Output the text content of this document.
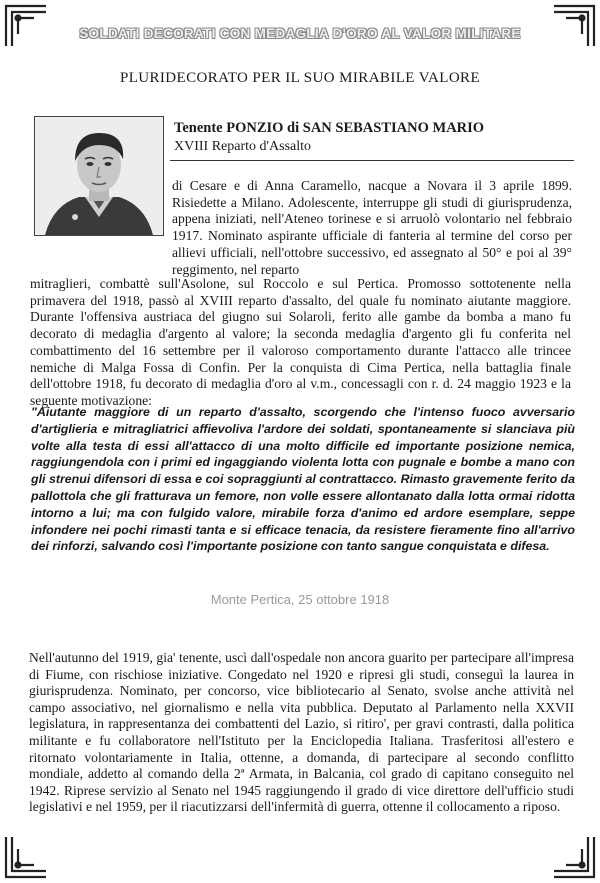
SOLDATI DECORATI CON MEDAGLIA D'ORO AL VALOR MILITARE
PLURIDECORATO PER IL SUO MIRABILE VALORE
Tenente PONZIO di SAN SEBASTIANO MARIO
XVIII Reparto d'Assalto

di Cesare e di Anna Caramello, nacque a Novara il 3 aprile 1899. Risiedette a Milano. Adolescente, interruppe gli studi di giurisprudenza, appena iniziati, nell'Ateneo torinese e si arruolò volontario nel febbraio 1917. Nominato aspirante ufficiale di fanteria al termine del corso per allievi ufficiali, nell'ottobre successivo, ed assegnato al 50° e poi al 39° reggimento, nel reparto

mitraglieri, combattè sull'Asolone, sul Roccolo e sul Pertica. Promosso sottotenente nella primavera del 1918, passò al XVIII reparto d'assalto, del quale fu nominato aiutante maggiore. Durante l'offensiva austriaca del giugno sui Solaroli, ferito alle gambe da bomba a mano fu decorato di medaglia d'argento al valore; la seconda medaglia d'argento gli fu conferita nel combattimento del 16 settembre per il valoroso comportamento durante l'attacco alle trincee nemiche di Malga Fossa di Confin. Per la conquista di Cima Pertica, nella battaglia finale dell'ottobre 1918, fu decorato di medaglia d'oro al v.m., concessagli con r. d. 24 maggio 1923 e la seguente motivazione:

"Aiutante maggiore di un reparto d'assalto, scorgendo che l'intenso fuoco avversario d'artiglieria e mitragliatrici affievoliva l'ardore dei soldati, spontaneamente si slanciava più volte alla testa di essi all'attacco di una molto difficile ed importante posizione nemica, raggiungendola con i primi ed ingaggiando violenta lotta con pugnale e bombe a mano con gli strenui difensori di essa e coi sopraggiunti al contrattacco. Rimasto gravemente ferito da pallottola che gli fratturava un femore, non volle essere allontanato dalla lotta ormai ridotta intorno a lui; ma con fulgido valore, mirabile forza d'animo ed ardore esemplare, seppe infondere nei pochi rimasti tanta e si efficace tenacia, da resistere fieramente fino all'arrivo dei rinforzi, salvando così l'importante posizione con tanto sangue conquistata e difesa.

Monte Pertica, 25 ottobre 1918

Nell'autunno del 1919, gia' tenente, uscì dall'ospedale non ancora guarito per partecipare all'impresa di Fiume, con rischiose iniziative. Congedato nel 1920 e ripresi gli studi, conseguì la laurea in giurisprudenza. Nominato, per concorso, vice bibliotecario al Senato, svolse anche attività nel campo associativo, nel giornalismo e nella vita pubblica. Deputato al Parlamento nella XXVII legislatura, in rappresentanza dei combattenti del Lazio, si ritiro', per gravi contrasti, dalla politica militante e fu collaboratore nell'Istituto per la Enciclopedia Italiana. Trasferitosi all'estero e ritornato volontariamente in Italia, ottenne, a domanda, di partecipare al secondo conflitto mondiale, addetto al comando della 2ª Armata, in Balcania, col grado di capitano conseguito nel 1942. Riprese servizio al Senato nel 1945 raggiungendo il grado di vice direttore dell'ufficio studi legislativi e nel 1959, per il riacutizzarsi dell'infermità di guerra, ottenne il collocamento a riposo.
